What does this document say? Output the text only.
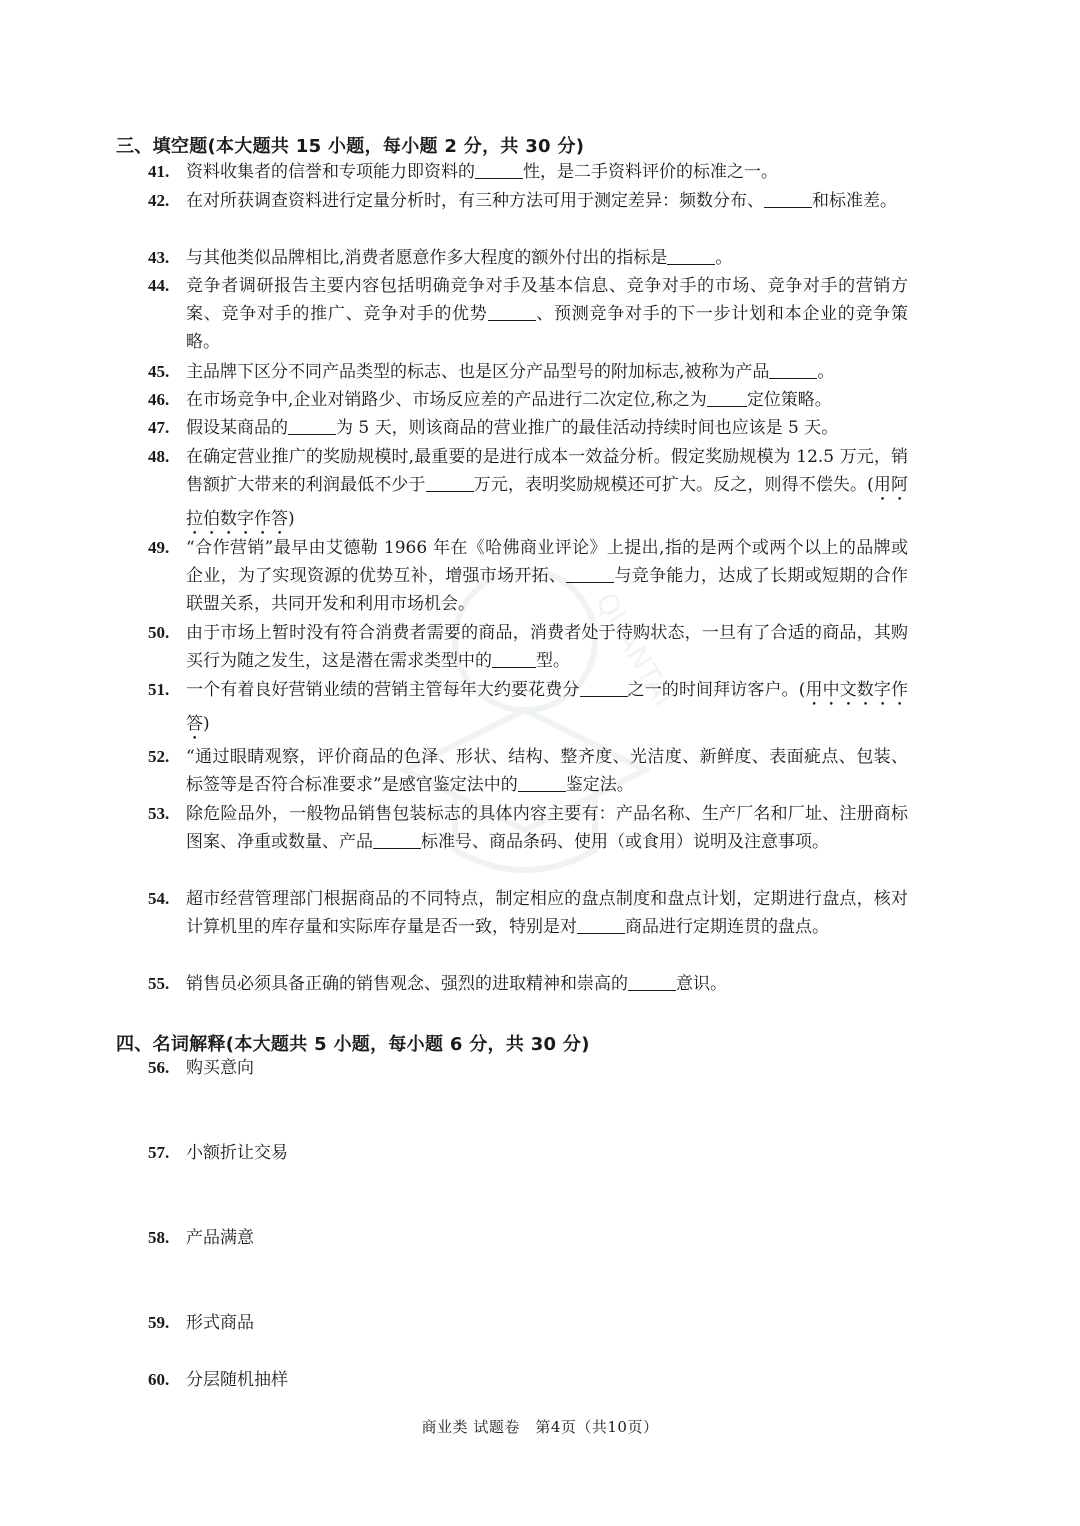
QUANTAI
三、填空题(本大题共 15 小题，每小题 2 分，共 30 分)
41. 资料收集者的信誉和专项能力即资料的	性，是二手资料评价的标准之一。
42. 在对所获调查资料进行定量分析时，有三种方法可用于测定差异：频数分布、	和标准差。
43. 与其他类似品牌相比,消费者愿意作多大程度的额外付出的指标是	。
44. 竞争者调研报告主要内容包括明确竞争对手及基本信息、竞争对手的市场、竞争对手的营销方案、竞争对手的推广、竞争对手的优势	、预测竞争对手的下一步计划和本企业的竞争策略。
45. 主品牌下区分不同产品类型的标志、也是区分产品型号的附加标志,被称为产品	。
46. 在市场竞争中,企业对销路少、市场反应差的产品进行二次定位,称之为 定位策略。
47. 假设某商品的	为 5 天，则该商品的营业推广的最佳活动持续时间也应该是 5 天。
48. 在确定营业推广的奖励规模时,最重要的是进行成本一效益分析。假定奖励规模为 12.5 万元，销售额扩大带来的利润最低不少于	万元，表明奖励规模还可扩大。反之，则得不偿失。(用阿拉伯数字作答)
49. “合作营销”最早由艾德勒 1966 年在《哈佛商业评论》上提出,指的是两个或两个以上的品牌或企业，为了实现资源的优势互补，增强市场开拓、	与竞争能力，达成了长期或短期的合作联盟关系，共同开发和利用市场机会。
50. 由于市场上暂时没有符合消费者需要的商品，消费者处于待购状态，一旦有了合适的商品，其购买行为随之发生，这是潜在需求类型中的	型。
51. 一个有着良好营销业绩的营销主管每年大约要花费分	之一的时间拜访客户。(用中文数字作答)
52. “通过眼睛观察，评价商品的色泽、形状、结构、整齐度、光洁度、新鲜度、表面疵点、包装、标签等是否符合标准要求”是感官鉴定法中的	鉴定法。
53. 除危险品外，一般物品销售包装标志的具体内容主要有：产品名称、生产厂名和厂址、注册商标图案、净重或数量、产品	标准号、商品条码、使用（或食用）说明及注意事项。
54. 超市经营管理部门根据商品的不同特点，制定相应的盘点制度和盘点计划，定期进行盘点，核对计算机里的库存量和实际库存量是否一致，特别是对	商品进行定期连贯的盘点。
55. 销售员必须具备正确的销售观念、强烈的进取精神和崇高的	意识。
四、名词解释(本大题共 5 小题，每小题 6 分，共 30 分)
56. 购买意向
57. 小额折让交易
58. 产品满意
59. 形式商品
60. 分层随机抽样
商业类 试题卷　第4页（共10页）
